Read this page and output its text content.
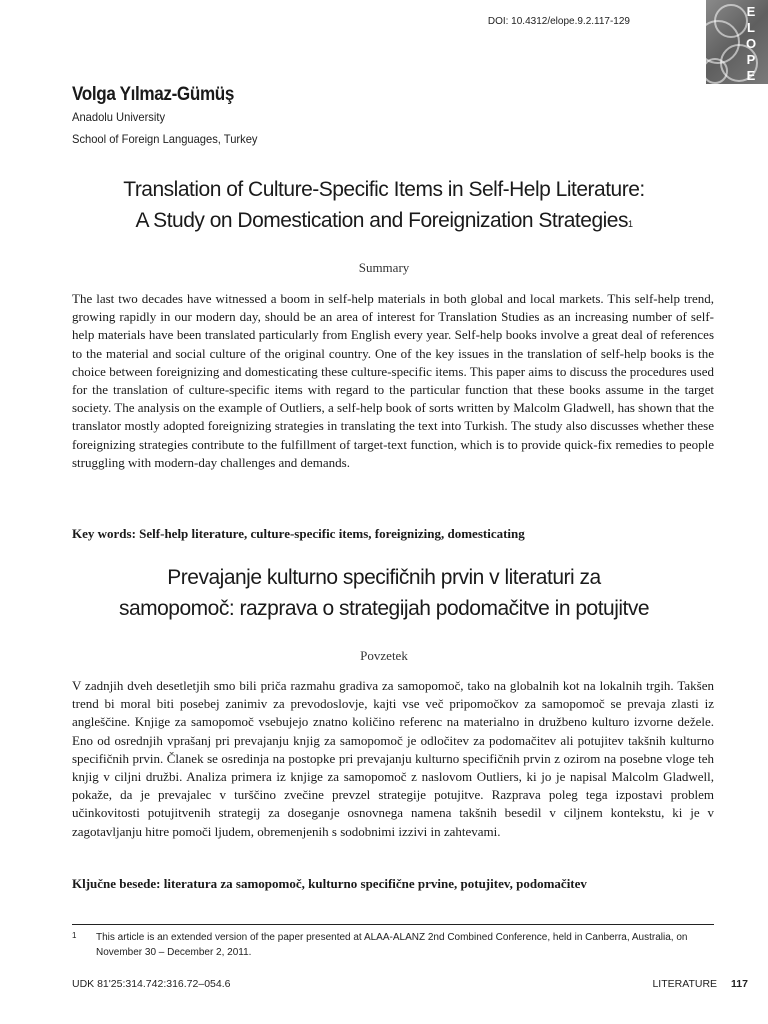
DOI: 10.4312/elope.9.2.117-129
E
L
O
P
E
Volga Yılmaz-Gümüş
Anadolu University
School of Foreign Languages, Turkey
Translation of Culture-Specific Items in Self-Help Literature:
A Study on Domestication and Foreignization Strategies$^1$
Summary

The last two decades have witnessed a boom in self-help materials in both global and local markets. This self-help trend, growing rapidly in our modern day, should be an area of interest for Translation Studies as an increasing number of self-help materials have been translated particularly from English every year. Self-help books involve a great deal of references to the material and social culture of the original country. One of the key issues in the translation of self-help books is the choice between foreignizing and domesticating these culture-specific items. This paper aims to discuss the procedures used for the translation of culture-specific items with regard to the particular function that these books assume in the target society. The analysis on the example of Outliers, a self-help book of sorts written by Malcolm Gladwell, has shown that the translator mostly adopted foreignizing strategies in translating the text into Turkish. The study also discusses whether these foreignizing strategies contribute to the fulfillment of target-text function, which is to provide quick-fix remedies to people struggling with modern-day challenges and demands.

Key words: Self-help literature, culture-specific items, foreignizing, domesticating

Prevajanje kulturno specifičnih prvin v literaturi za
samopomoč: razprava o strategijah podomačitve in potujitve
Povzetek

V zadnjih dveh desetletjih smo bili priča razmahu gradiva za samopomoč, tako na globalnih kot na lokalnih trgih. Takšen trend bi moral biti posebej zanimiv za prevodoslovje, kajti vse več pripomočkov za samopomoč se prevaja zlasti iz angleščine. Knjige za samopomoč vsebujejo znatno količino referenc na materialno in družbeno kulturo izvorne dežele. Eno od osrednjih vprašanj pri prevajanju knjig za samopomoč je odločitev za podomačitev ali potujitev takšnih kulturno specifičnih prvin. Članek se osredinja na postopke pri prevajanju kulturno specifičnih prvin z ozirom na posebne vloge teh knjig v ciljni družbi. Analiza primera iz knjige za samopomoč z naslovom Outliers, ki jo je napisal Malcolm Gladwell, pokaže, da je prevajalec v turščino zvečine prevzel strategije potujitve. Razprava poleg tega izpostavi problem učinkovitosti potujitvenih strategij za doseganje osnovnega namena takšnih besedil v ciljnem kontekstu, ki je v zagotavljanju hitre pomoči ljudem, obremenjenih s sodobnimi izzivi in zahtevami.

Ključne besede: literatura za samopomoč, kulturno specifične prvine, potujitev, podomačitev

1 This article is an extended version of the paper presented at ALAA-ALANZ 2nd Combined Conference, held in Canberra, Australia, on November 30 – December 2, 2011.

UDK 81'25:314.742:316.72–054.6	LITERATURE 117
